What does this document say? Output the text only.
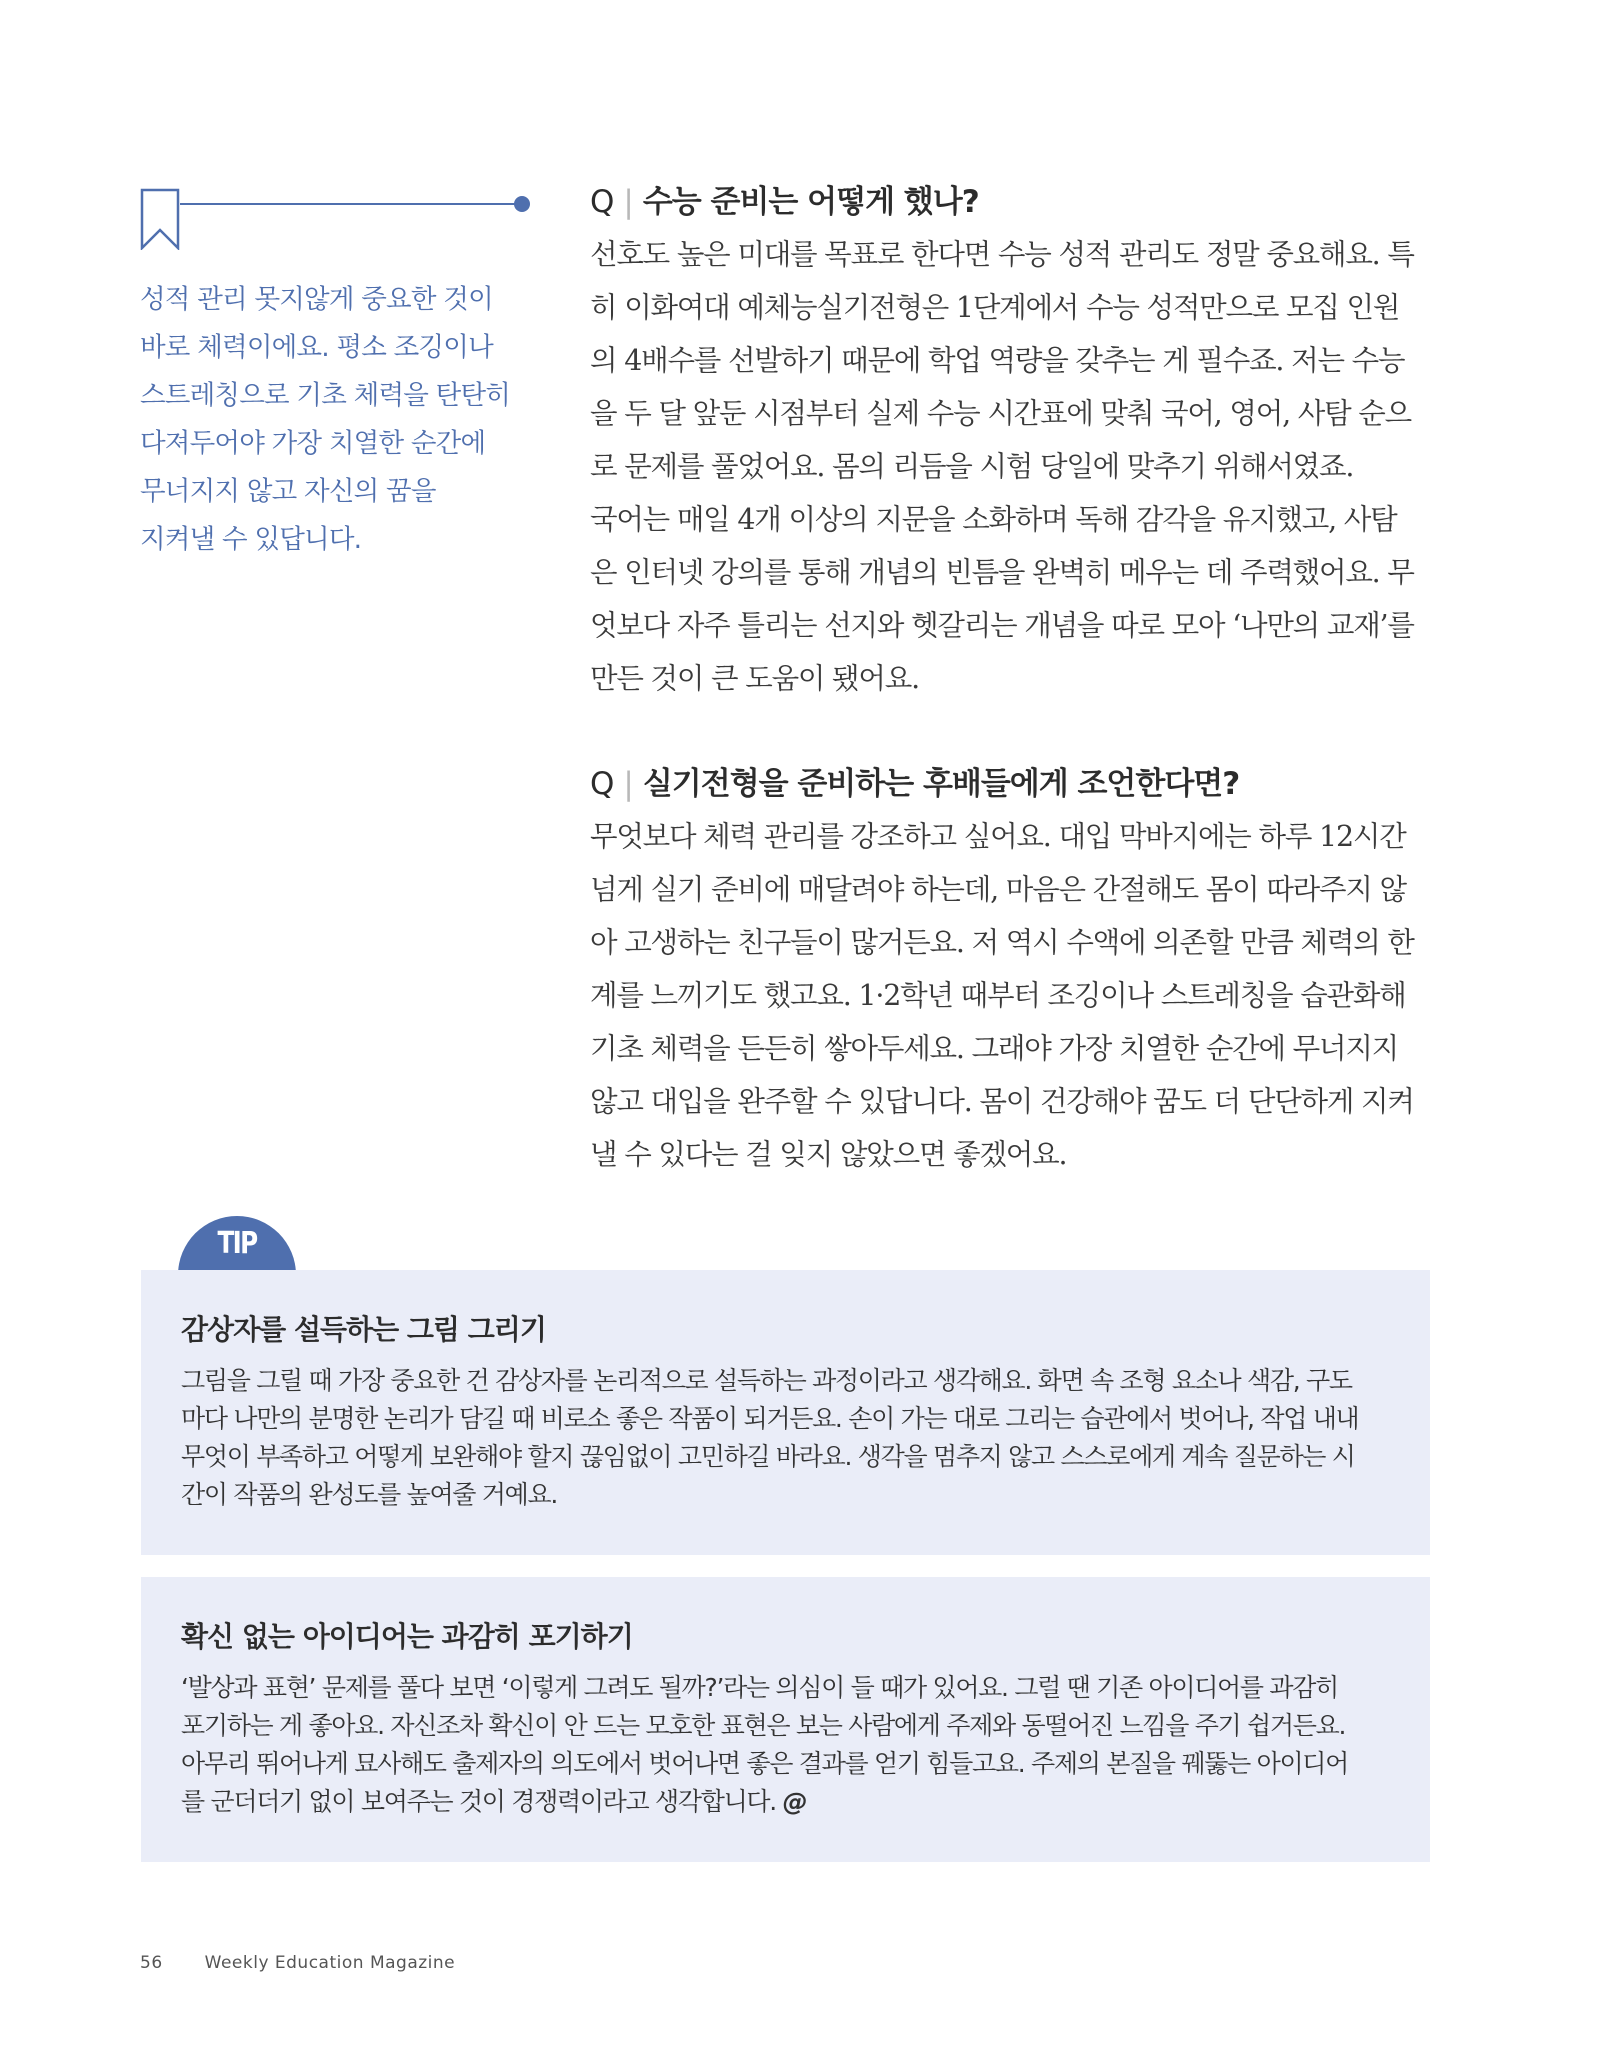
성적 관리 못지않게 중요한 것이
바로 체력이에요. 평소 조깅이나
스트레칭으로 기초 체력을 탄탄히
다져두어야 가장 치열한 순간에
무너지지 않고 자신의 꿈을
지켜낼 수 있답니다.
Q | 수능 준비는 어떻게 했나?
선호도 높은 미대를 목표로 한다면 수능 성적 관리도 정말 중요해요. 특
히 이화여대 예체능실기전형은 1단계에서 수능 성적만으로 모집 인원
의 4배수를 선발하기 때문에 학업 역량을 갖추는 게 필수죠. 저는 수능
을 두 달 앞둔 시점부터 실제 수능 시간표에 맞춰 국어, 영어, 사탐 순으
로 문제를 풀었어요. 몸의 리듬을 시험 당일에 맞추기 위해서였죠.
국어는 매일 4개 이상의 지문을 소화하며 독해 감각을 유지했고, 사탐
은 인터넷 강의를 통해 개념의 빈틈을 완벽히 메우는 데 주력했어요. 무
엇보다 자주 틀리는 선지와 헷갈리는 개념을 따로 모아 ‘나만의 교재’를
만든 것이 큰 도움이 됐어요.
Q | 실기전형을 준비하는 후배들에게 조언한다면?
무엇보다 체력 관리를 강조하고 싶어요. 대입 막바지에는 하루 12시간
넘게 실기 준비에 매달려야 하는데, 마음은 간절해도 몸이 따라주지 않
아 고생하는 친구들이 많거든요. 저 역시 수액에 의존할 만큼 체력의 한
계를 느끼기도 했고요. 1·2학년 때부터 조깅이나 스트레칭을 습관화해
기초 체력을 든든히 쌓아두세요. 그래야 가장 치열한 순간에 무너지지
않고 대입을 완주할 수 있답니다. 몸이 건강해야 꿈도 더 단단하게 지켜
낼 수 있다는 걸 잊지 않았으면 좋겠어요.
TIP
감상자를 설득하는 그림 그리기
그림을 그릴 때 가장 중요한 건 감상자를 논리적으로 설득하는 과정이라고 생각해요. 화면 속 조형 요소나 색감, 구도
마다 나만의 분명한 논리가 담길 때 비로소 좋은 작품이 되거든요. 손이 가는 대로 그리는 습관에서 벗어나, 작업 내내
무엇이 부족하고 어떻게 보완해야 할지 끊임없이 고민하길 바라요. 생각을 멈추지 않고 스스로에게 계속 질문하는 시
간이 작품의 완성도를 높여줄 거예요.
확신 없는 아이디어는 과감히 포기하기
‘발상과 표현’ 문제를 풀다 보면 ‘이렇게 그려도 될까?’라는 의심이 들 때가 있어요. 그럴 땐 기존 아이디어를 과감히
포기하는 게 좋아요. 자신조차 확신이 안 드는 모호한 표현은 보는 사람에게 주제와 동떨어진 느낌을 주기 쉽거든요.
아무리 뛰어나게 묘사해도 출제자의 의도에서 벗어나면 좋은 결과를 얻기 힘들고요. 주제의 본질을 꿰뚫는 아이디어
를 군더더기 없이 보여주는 것이 경쟁력이라고 생각합니다. @
56 Weekly Education Magazine
